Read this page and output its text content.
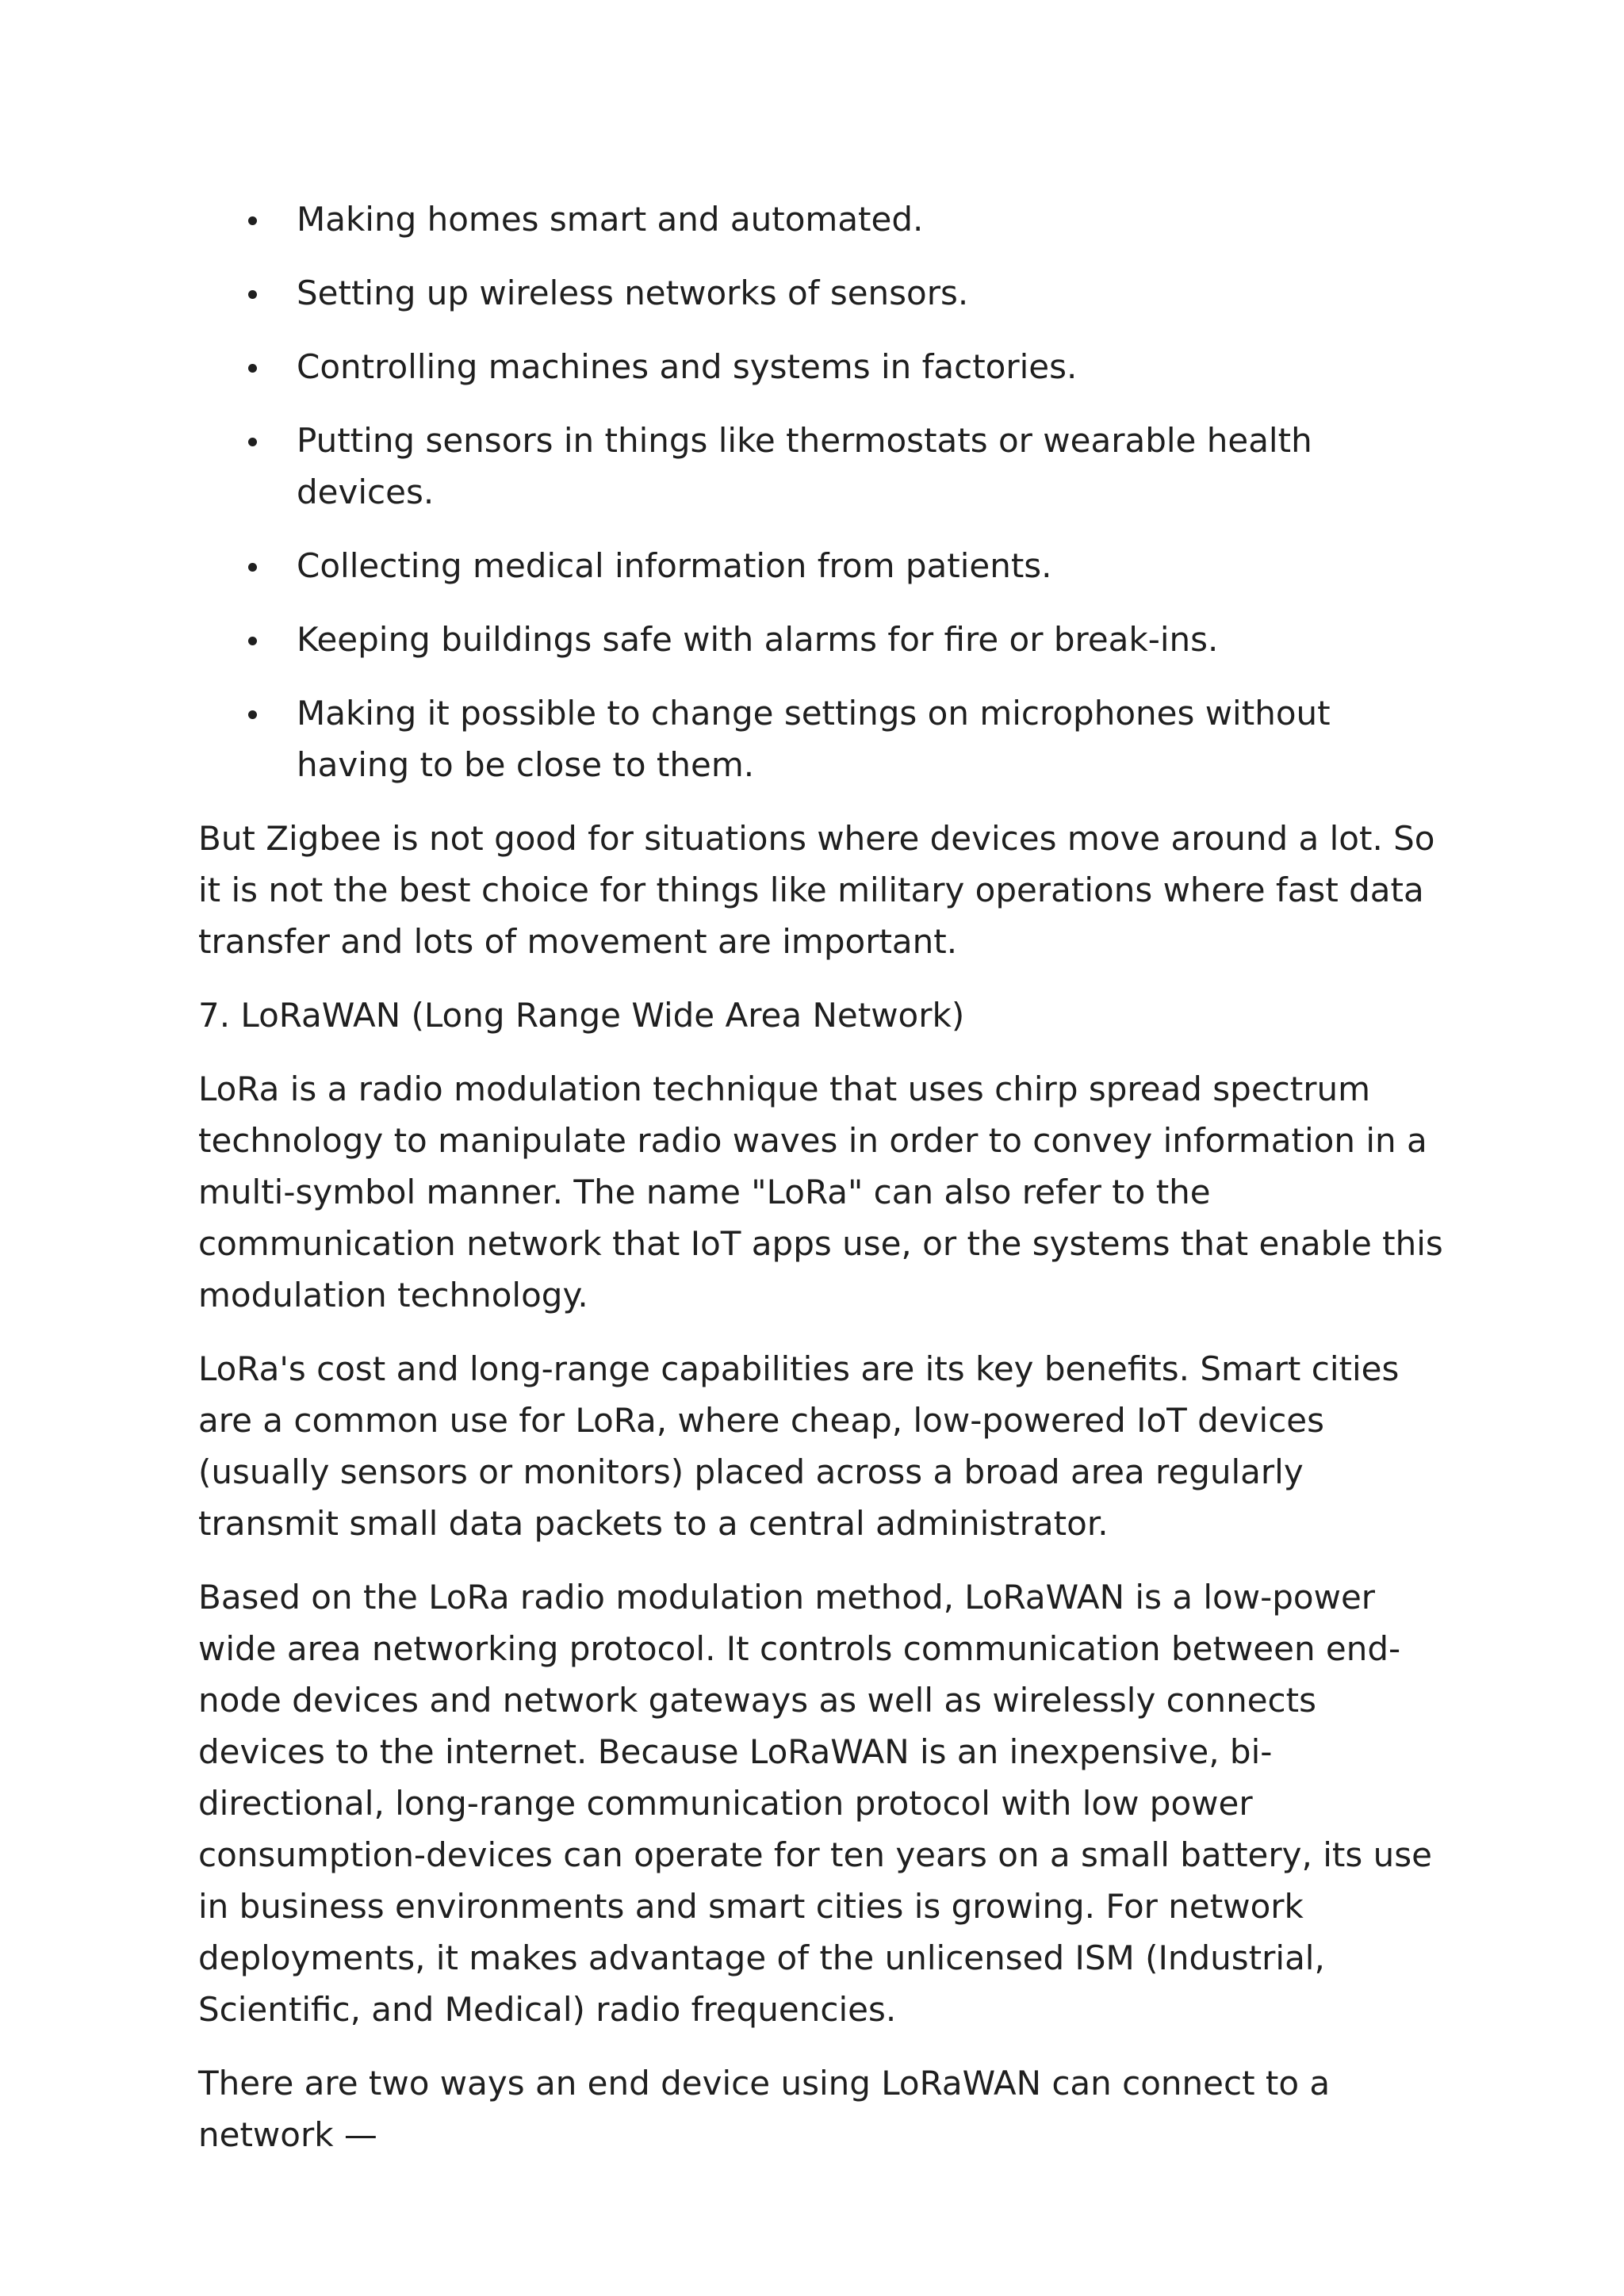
Making homes smart and automated.
Setting up wireless networks of sensors.
Controlling machines and systems in factories.
Putting sensors in things like thermostats or wearable health devices.
Collecting medical information from patients.
Keeping buildings safe with alarms for fire or break-ins.
Making it possible to change settings on microphones without having to be close to them.

But Zigbee is not good for situations where devices move around a lot. So it is not the best choice for things like military operations where fast data transfer and lots of movement are important.

7. LoRaWAN (Long Range Wide Area Network)

LoRa is a radio modulation technique that uses chirp spread spectrum technology to manipulate radio waves in order to convey information in a multi-symbol manner. The name "LoRa" can also refer to the communication network that IoT apps use, or the systems that enable this modulation technology.

LoRa's cost and long-range capabilities are its key benefits. Smart cities are a common use for LoRa, where cheap, low-powered IoT devices (usually sensors or monitors) placed across a broad area regularly transmit small data packets to a central administrator.

Based on the LoRa radio modulation method, LoRaWAN is a low-power wide area networking protocol. It controls communication between end-node devices and network gateways as well as wirelessly connects devices to the internet. Because LoRaWAN is an inexpensive, bi-directional, long-range communication protocol with low power consumption-devices can operate for ten years on a small battery, its use in business environments and smart cities is growing. For network deployments, it makes advantage of the unlicensed ISM (Industrial, Scientific, and Medical) radio frequencies.

There are two ways an end device using LoRaWAN can connect to a network —
